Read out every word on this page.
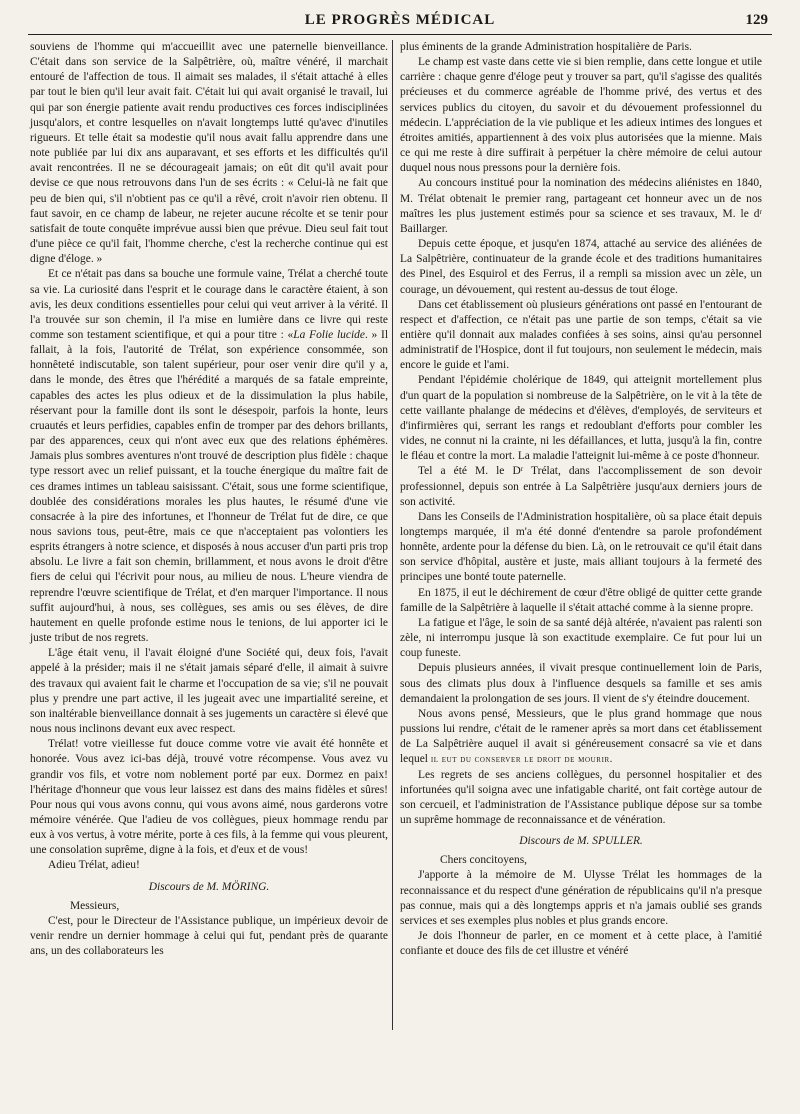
LE PROGRÈS MÉDICAL	129

souviens de l'homme qui m'accueillit avec une paternelle bienveillance. C'était dans son service de la Salpêtrière, où, maître vénéré, il marchait entouré de l'affection de tous. Il aimait ses malades, il s'était attaché à elles par tout le bien qu'il leur avait fait. C'était lui qui avait organisé le travail, lui qui par son énergie patiente avait rendu productives ces forces indisciplinées jusqu'alors, et contre lesquelles on n'avait longtemps lutté qu'avec d'inutiles rigueurs. Et telle était sa modestie qu'il nous avait fallu apprendre dans une note publiée par lui dix ans auparavant, et ses efforts et les difficultés qu'il avait rencontrées. Il ne se décourageait jamais; on eût dit qu'il avait pour devise ce que nous retrouvons dans l'un de ses écrits : « Celui-là ne fait que peu de bien qui, s'il n'obtient pas ce qu'il a rêvé, croit n'avoir rien obtenu. Il faut savoir, en ce champ de labeur, ne rejeter aucune récolte et se tenir pour satisfait de toute conquête imprévue aussi bien que prévue. Dieu seul fait tout d'une pièce ce qu'il fait, l'homme cherche, c'est la recherche continue qui est digne d'éloge. »

Et ce n'était pas dans sa bouche une formule vaine, Trélat a cherché toute sa vie. La curiosité dans l'esprit et le courage dans le caractère étaient, à son avis, les deux conditions essentielles pour celui qui veut arriver à la vérité. Il l'a trouvée sur son chemin, il l'a mise en lumière dans ce livre qui reste comme son testament scientifique, et qui a pour titre : «La Folie lucide. » Il fallait, à la fois, l'autorité de Trélat, son expérience consommée, son honnêteté indiscutable, son talent supérieur, pour oser venir dire qu'il y a, dans le monde, des êtres que l'hérédité a marqués de sa fatale empreinte, capables des actes les plus odieux et de la dissimulation la plus habile, réservant pour la famille dont ils sont le désespoir, parfois la honte, leurs cruautés et leurs perfidies, capables enfin de tromper par des dehors brillants, par des apparences, ceux qui n'ont avec eux que des relations éphémères. Jamais plus sombres aventures n'ont trouvé de description plus fidèle : chaque type ressort avec un relief puissant, et la touche énergique du maître fait de ces drames intimes un tableau saisissant. C'était, sous une forme scientifique, doublée des considérations morales les plus hautes, le résumé d'une vie consacrée à la pire des infortunes, et l'honneur de Trélat fut de dire, ce que nous savions tous, peut-être, mais ce que n'acceptaient pas volontiers les esprits étrangers à notre science, et disposés à nous accuser d'un parti pris trop absolu. Le livre a fait son chemin, brillamment, et nous avons le droit d'être fiers de celui qui l'écrivit pour nous, au milieu de nous. L'heure viendra de reprendre l'œuvre scientifique de Trélat, et d'en marquer l'importance. Il nous suffit aujourd'hui, à nous, ses collègues, ses amis ou ses élèves, de dire hautement en quelle profonde estime nous le tenions, de lui apporter ici le juste tribut de nos regrets.

L'âge était venu, il l'avait éloigné d'une Société qui, deux fois, l'avait appelé à la présider; mais il ne s'était jamais séparé d'elle, il aimait à suivre des travaux qui avaient fait le charme et l'occupation de sa vie; s'il ne pouvait plus y prendre une part active, il les jugeait avec une impartialité sereine, et son inaltérable bienveillance donnait à ses jugements un caractère si élevé que nous nous inclinons devant eux avec respect.

Trélat! votre vieillesse fut douce comme votre vie avait été honnête et honorée. Vous avez ici-bas déjà, trouvé votre récompense. Vous avez vu grandir vos fils, et votre nom noblement porté par eux. Dormez en paix! l'héritage d'honneur que vous leur laissez est dans des mains fidèles et sûres! Pour nous qui vous avons connu, qui vous avons aimé, nous garderons votre mémoire vénérée. Que l'adieu de vos collègues, pieux hommage rendu par eux à vos vertus, à votre mérite, porte à ces fils, à la femme qui vous pleurent, une consolation suprême, digne à la fois, et d'eux et de vous!

Adieu Trélat, adieu!

Discours de M. MÖRING.

Messieurs,

C'est, pour le Directeur de l'Assistance publique, un impérieux devoir de venir rendre un dernier hommage à celui qui fut, pendant près de quarante ans, un des collaborateurs les

plus éminents de la grande Administration hospitalière de Paris.

Le champ est vaste dans cette vie si bien remplie, dans cette longue et utile carrière : chaque genre d'éloge peut y trouver sa part, qu'il s'agisse des qualités précieuses et du commerce agréable de l'homme privé, des vertus et des services publics du citoyen, du savoir et du dévouement professionnel du médecin. L'appréciation de la vie publique et les adieux intimes des longues et étroites amitiés, appartiennent à des voix plus autorisées que la mienne. Mais ce qui me reste à dire suffirait à perpétuer la chère mémoire de celui autour duquel nous nous pressons pour la dernière fois.

Au concours institué pour la nomination des médecins aliénistes en 1840, M. Trélat obtenait le premier rang, partageant cet honneur avec un de nos maîtres les plus justement estimés pour sa science et ses travaux, M. le dʳ Baillarger.

Depuis cette époque, et jusqu'en 1874, attaché au service des aliénées de La Salpêtrière, continuateur de la grande école et des traditions humanitaires des Pinel, des Esquirol et des Ferrus, il a rempli sa mission avec un zèle, un courage, un dévouement, qui restent au-dessus de tout éloge.

Dans cet établissement où plusieurs générations ont passé en l'entourant de respect et d'affection, ce n'était pas une partie de son temps, c'était sa vie entière qu'il donnait aux malades confiées à ses soins, ainsi qu'au personnel administratif de l'Hospice, dont il fut toujours, non seulement le médecin, mais encore le guide et l'ami.

Pendant l'épidémie cholérique de 1849, qui atteignit mortellement plus d'un quart de la population si nombreuse de la Salpêtrière, on le vit à la tête de cette vaillante phalange de médecins et d'élèves, d'employés, de serviteurs et d'infirmières qui, serrant les rangs et redoublant d'efforts pour combler les vides, ne connut ni la crainte, ni les défaillances, et lutta, jusqu'à la fin, contre le fléau et contre la mort. La maladie l'atteignit lui-même à ce poste d'honneur.

Tel a été M. le Dʳ Trélat, dans l'accomplissement de son devoir professionnel, depuis son entrée à La Salpêtrière jusqu'aux derniers jours de son activité.

Dans les Conseils de l'Administration hospitalière, où sa place était depuis longtemps marquée, il m'a été donné d'entendre sa parole profondément honnête, ardente pour la défense du bien. Là, on le retrouvait ce qu'il était dans son service d'hôpital, austère et juste, mais alliant toujours à la fermeté des principes une bonté toute paternelle.

En 1875, il eut le déchirement de cœur d'être obligé de quitter cette grande famille de la Salpêtrière à laquelle il s'était attaché comme à la sienne propre.

La fatigue et l'âge, le soin de sa santé déjà altérée, n'avaient pas ralenti son zèle, ni interrompu jusque là son exactitude exemplaire. Ce fut pour lui un coup funeste.

Depuis plusieurs années, il vivait presque continuellement loin de Paris, sous des climats plus doux à l'influence desquels sa famille et ses amis demandaient la prolongation de ses jours. Il vient de s'y éteindre doucement.

Nous avons pensé, Messieurs, que le plus grand hommage que nous pussions lui rendre, c'était de le ramener après sa mort dans cet établissement de La Salpêtrière auquel il avait si généreusement consacré sa vie et dans lequel il eut du conserver le droit de mourir.

Les regrets de ses anciens collègues, du personnel hospitalier et des infortunées qu'il soigna avec une infatigable charité, ont fait cortège autour de son cercueil, et l'administration de l'Assistance publique dépose sur sa tombe un suprême hommage de reconnaissance et de vénération.

Discours de M. SPULLER.

Chers concitoyens,

J'apporte à la mémoire de M. Ulysse Trélat les hommages de la reconnaissance et du respect d'une génération de républicains qu'il n'a presque pas connue, mais qui a dès longtemps appris et n'a jamais oublié ses grands services et ses exemples plus nobles et plus grands encore.

Je dois l'honneur de parler, en ce moment et à cette place, à l'amitié confiante et douce des fils de cet illustre et vénéré
